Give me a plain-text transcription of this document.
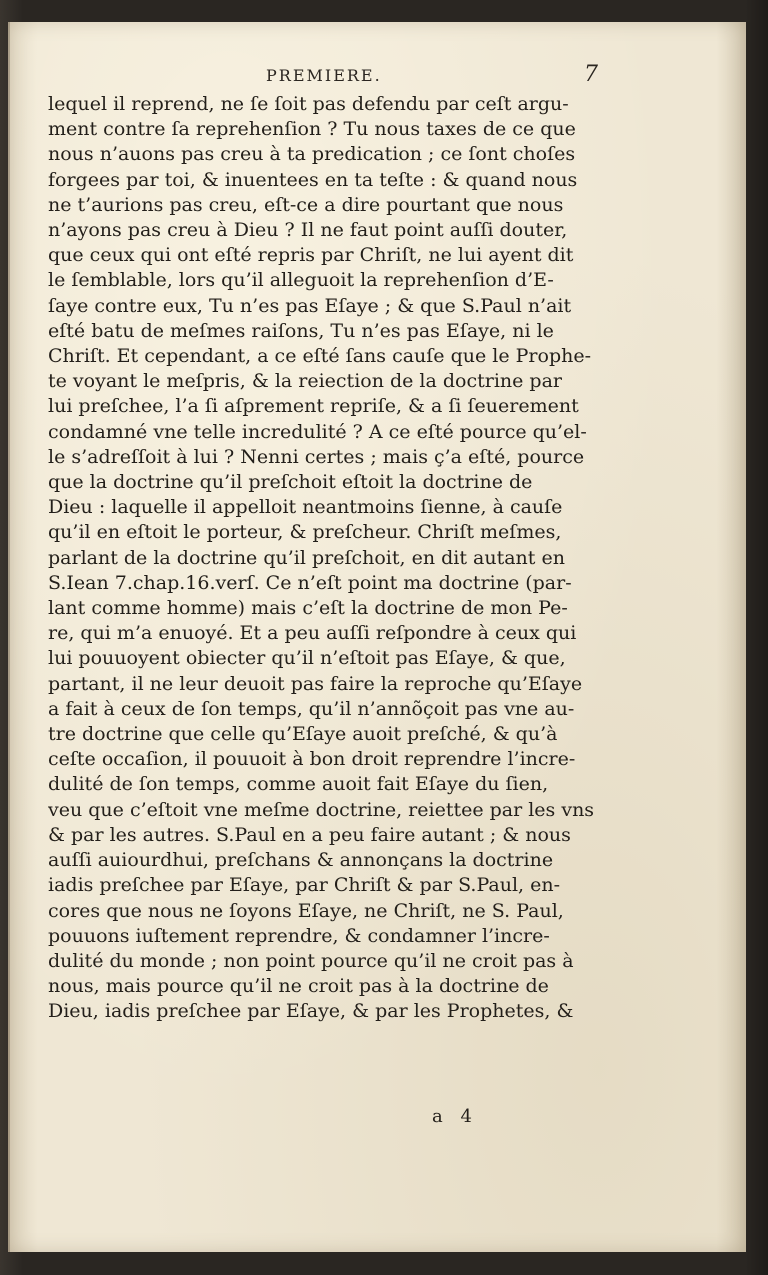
PREMIERE.	7
lequel il reprend, ne ſe ſoit pas defendu par ceſt argu-
ment contre ſa reprehenſion ? Tu nous taxes de ce que
nous n’auons pas creu à ta predication ; ce ſont choſes
forgees par toi, & inuentees en ta teſte : & quand nous
ne t’aurions pas creu, eſt-ce a dire pourtant que nous
n’ayons pas creu à Dieu ? Il ne faut point auſſi douter,
que ceux qui ont eſté repris par Chriſt, ne lui ayent dit
le ſemblable, lors qu’il alleguoit la reprehenſion d’E-
ſaye contre eux, Tu n’es pas Eſaye ; & que S.Paul n’ait
eſté batu de meſmes raiſons, Tu n’es pas Eſaye, ni le
Chriſt. Et cependant, a ce eſté ſans cauſe que le Prophe-
te voyant le meſpris, & la reiection de la doctrine par
lui preſchee, l’a ſi aſprement repriſe, & a ſi ſeuerement
condamné vne telle incredulité ? A ce eſté pource qu’el-
le s’adreſſoit à lui ? Nenni certes ; mais ç’a eſté, pource
que la doctrine qu’il preſchoit eſtoit la doctrine de
Dieu : laquelle il appelloit neantmoins ſienne, à cauſe
qu’il en eſtoit le porteur, & preſcheur. Chriſt meſmes,
parlant de la doctrine qu’il preſchoit, en dit autant en
S.Iean 7.chap.16.verſ. Ce n’eſt point ma doctrine (par-
lant comme homme) mais c’eſt la doctrine de mon Pe-
re, qui m’a enuoyé. Et a peu auſſi reſpondre à ceux qui
lui pouuoyent obiecter qu’il n’eſtoit pas Eſaye, & que,
partant, il ne leur deuoit pas faire la reproche qu’Eſaye
a fait à ceux de ſon temps, qu’il n’annõçoit pas vne au-
tre doctrine que celle qu’Eſaye auoit preſché, & qu’à
ceſte occaſion, il pouuoit à bon droit reprendre l’incre-
dulité de ſon temps, comme auoit fait Eſaye du ſien,
veu que c’eſtoit vne meſme doctrine, reiettee par les vns
& par les autres. S.Paul en a peu faire autant ; & nous
auſſi auiourdhui, preſchans & annonçans la doctrine
iadis preſchee par Eſaye, par Chriſt & par S.Paul, en-
cores que nous ne ſoyons Eſaye, ne Chriſt, ne S. Paul,
pouuons iuſtement reprendre, & condamner l’incre-
dulité du monde ; non point pource qu’il ne croit pas à
nous, mais pource qu’il ne croit pas à la doctrine de
Dieu, iadis preſchee par Eſaye, & par les Prophetes, &
a 4
